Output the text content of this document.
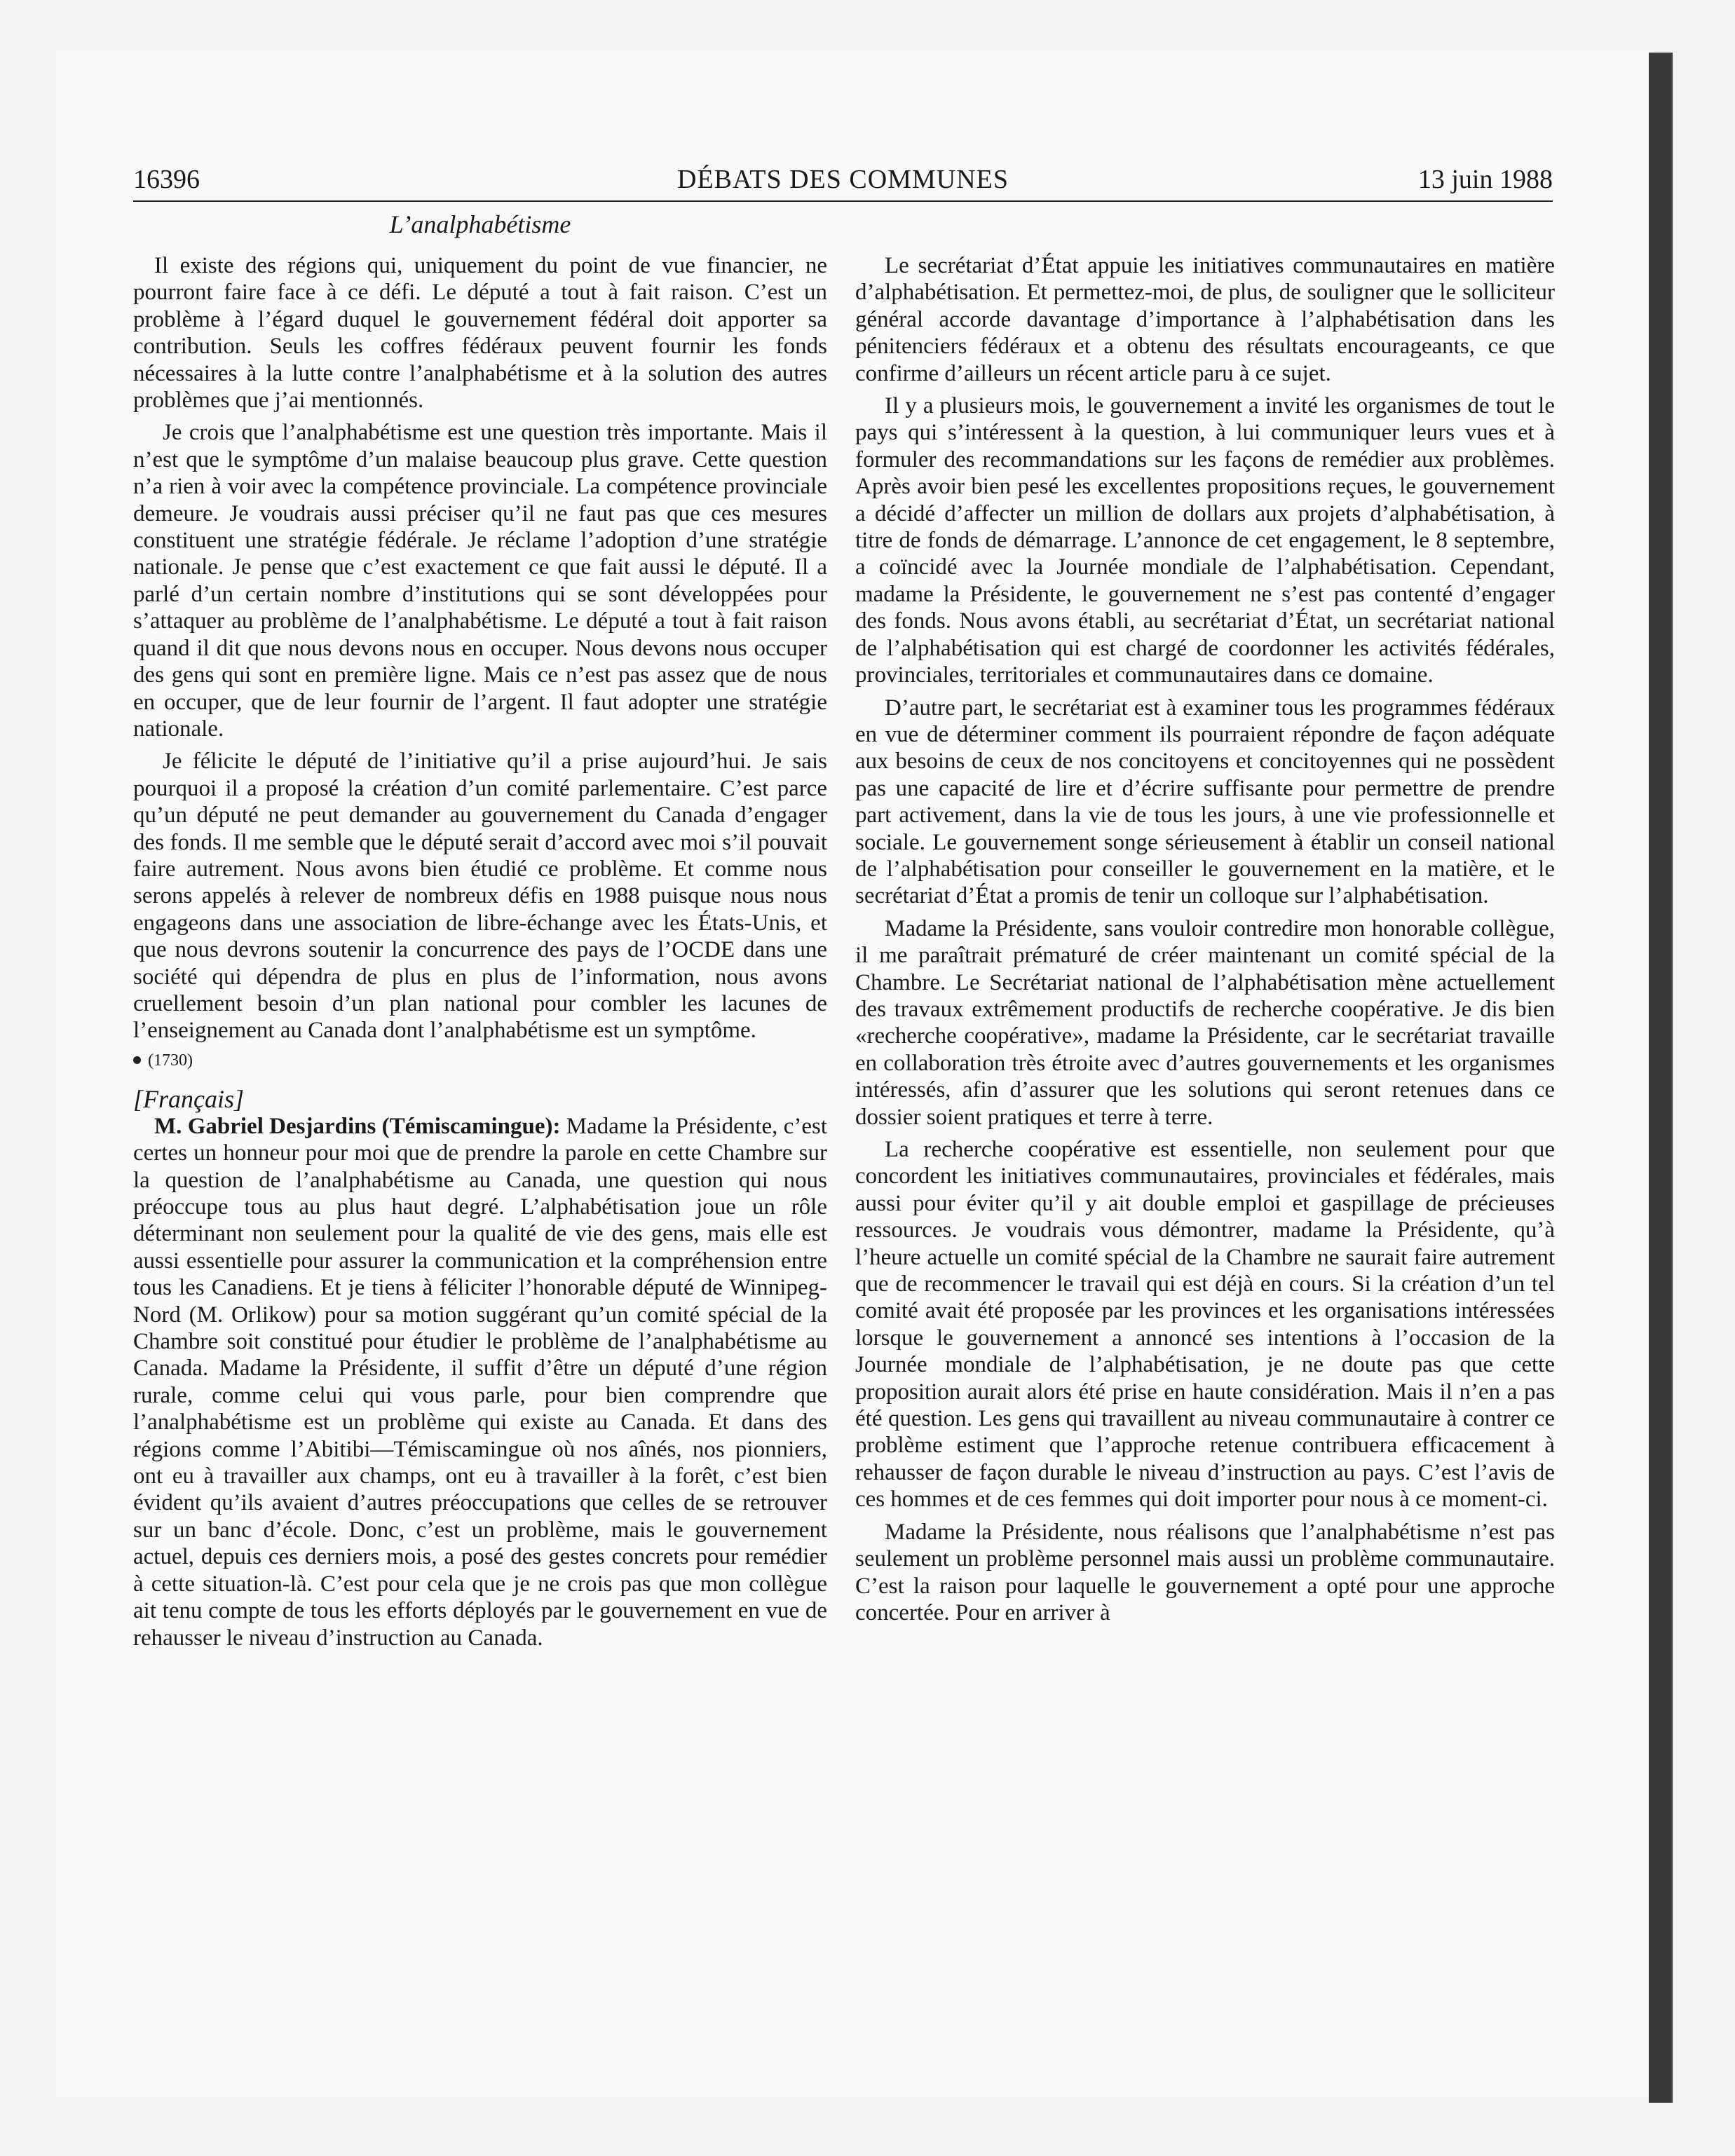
DÉBATS DES COMMUNES
16396	13 juin 1988
L’analphabétisme

Il existe des régions qui, uniquement du point de vue financier, ne pourront faire face à ce défi. Le député a tout à fait raison. C’est un problème à l’égard duquel le gouvernement fédéral doit apporter sa contribution. Seuls les coffres fédéraux peuvent fournir les fonds nécessaires à la lutte contre l’analphabétisme et à la solution des autres problèmes que j’ai mentionnés.

Je crois que l’analphabétisme est une question très importante. Mais il n’est que le symptôme d’un malaise beaucoup plus grave. Cette question n’a rien à voir avec la compétence provinciale. La compétence provinciale demeure. Je voudrais aussi préciser qu’il ne faut pas que ces mesures constituent une stratégie fédérale. Je réclame l’adoption d’une stratégie nationale. Je pense que c’est exactement ce que fait aussi le député. Il a parlé d’un certain nombre d’institutions qui se sont développées pour s’attaquer au problème de l’analphabétisme. Le député a tout à fait raison quand il dit que nous devons nous en occuper. Nous devons nous occuper des gens qui sont en première ligne. Mais ce n’est pas assez que de nous en occuper, que de leur fournir de l’argent. Il faut adopter une stratégie nationale.

Je félicite le député de l’initiative qu’il a prise aujourd’hui. Je sais pourquoi il a proposé la création d’un comité parlementaire. C’est parce qu’un député ne peut demander au gouvernement du Canada d’engager des fonds. Il me semble que le député serait d’accord avec moi s’il pouvait faire autrement. Nous avons bien étudié ce problème. Et comme nous serons appelés à relever de nombreux défis en 1988 puisque nous nous engageons dans une association de libre-échange avec les États-Unis, et que nous devrons soutenir la concurrence des pays de l’OCDE dans une société qui dépendra de plus en plus de l’information, nous avons cruellement besoin d’un plan national pour combler les lacunes de l’enseignement au Canada dont l’analphabétisme est un symptôme.

(1730)
[Français]

M. Gabriel Desjardins (Témiscamingue): Madame la Présidente, c’est certes un honneur pour moi que de prendre la parole en cette Chambre sur la question de l’analphabétisme au Canada, une question qui nous préoccupe tous au plus haut degré. L’alphabétisation joue un rôle déterminant non seulement pour la qualité de vie des gens, mais elle est aussi essentielle pour assurer la communication et la compréhension entre tous les Canadiens. Et je tiens à féliciter l’honorable député de Winnipeg-Nord (M. Orlikow) pour sa motion suggérant qu’un comité spécial de la Chambre soit constitué pour étudier le problème de l’analphabétisme au Canada. Madame la Présidente, il suffit d’être un député d’une région rurale, comme celui qui vous parle, pour bien comprendre que l’analphabétisme est un problème qui existe au Canada. Et dans des régions comme l’Abitibi—Témiscamingue où nos aînés, nos pionniers, ont eu à travailler aux champs, ont eu à travailler à la forêt, c’est bien évident qu’ils avaient d’autres préoccupations que celles de se retrouver sur un banc d’école. Donc, c’est un problème, mais le gouvernement actuel, depuis ces derniers mois, a posé des gestes concrets pour remédier à cette situation-là. C’est pour cela que je ne crois pas que mon collègue ait tenu compte de tous les efforts déployés par le gouvernement en vue de rehausser le niveau d’instruction au Canada.

Le secrétariat d’État appuie les initiatives communautaires en matière d’alphabétisation. Et permettez-moi, de plus, de souligner que le solliciteur général accorde davantage d’importance à l’alphabétisation dans les pénitenciers fédéraux et a obtenu des résultats encourageants, ce que confirme d’ailleurs un récent article paru à ce sujet.

Il y a plusieurs mois, le gouvernement a invité les organismes de tout le pays qui s’intéressent à la question, à lui communiquer leurs vues et à formuler des recommandations sur les façons de remédier aux problèmes. Après avoir bien pesé les excellentes propositions reçues, le gouvernement a décidé d’affecter un million de dollars aux projets d’alphabétisation, à titre de fonds de démarrage. L’annonce de cet engagement, le 8 septembre, a coïncidé avec la Journée mondiale de l’alphabétisation. Cependant, madame la Présidente, le gouvernement ne s’est pas contenté d’engager des fonds. Nous avons établi, au secrétariat d’État, un secrétariat national de l’alphabétisation qui est chargé de coordonner les activités fédérales, provinciales, territoriales et communautaires dans ce domaine.

D’autre part, le secrétariat est à examiner tous les programmes fédéraux en vue de déterminer comment ils pourraient répondre de façon adéquate aux besoins de ceux de nos concitoyens et concitoyennes qui ne possèdent pas une capacité de lire et d’écrire suffisante pour permettre de prendre part activement, dans la vie de tous les jours, à une vie professionnelle et sociale. Le gouvernement songe sérieusement à établir un conseil national de l’alphabétisation pour conseiller le gouvernement en la matière, et le secrétariat d’État a promis de tenir un colloque sur l’alphabétisation.

Madame la Présidente, sans vouloir contredire mon honorable collègue, il me paraîtrait prématuré de créer maintenant un comité spécial de la Chambre. Le Secrétariat national de l’alphabétisation mène actuellement des travaux extrêmement productifs de recherche coopérative. Je dis bien «recherche coopérative», madame la Présidente, car le secrétariat travaille en collaboration très étroite avec d’autres gouvernements et les organismes intéressés, afin d’assurer que les solutions qui seront retenues dans ce dossier soient pratiques et terre à terre.

La recherche coopérative est essentielle, non seulement pour que concordent les initiatives communautaires, provinciales et fédérales, mais aussi pour éviter qu’il y ait double emploi et gaspillage de précieuses ressources. Je voudrais vous démontrer, madame la Présidente, qu’à l’heure actuelle un comité spécial de la Chambre ne saurait faire autrement que de recommencer le travail qui est déjà en cours. Si la création d’un tel comité avait été proposée par les provinces et les organisations intéressées lorsque le gouvernement a annoncé ses intentions à l’occasion de la Journée mondiale de l’alphabétisation, je ne doute pas que cette proposition aurait alors été prise en haute considération. Mais il n’en a pas été question. Les gens qui travaillent au niveau communautaire à contrer ce problème estiment que l’approche retenue contribuera efficacement à rehausser de façon durable le niveau d’instruction au pays. C’est l’avis de ces hommes et de ces femmes qui doit importer pour nous à ce moment-ci.

Madame la Présidente, nous réalisons que l’analphabétisme n’est pas seulement un problème personnel mais aussi un problème communautaire. C’est la raison pour laquelle le gouvernement a opté pour une approche concertée. Pour en arriver à
